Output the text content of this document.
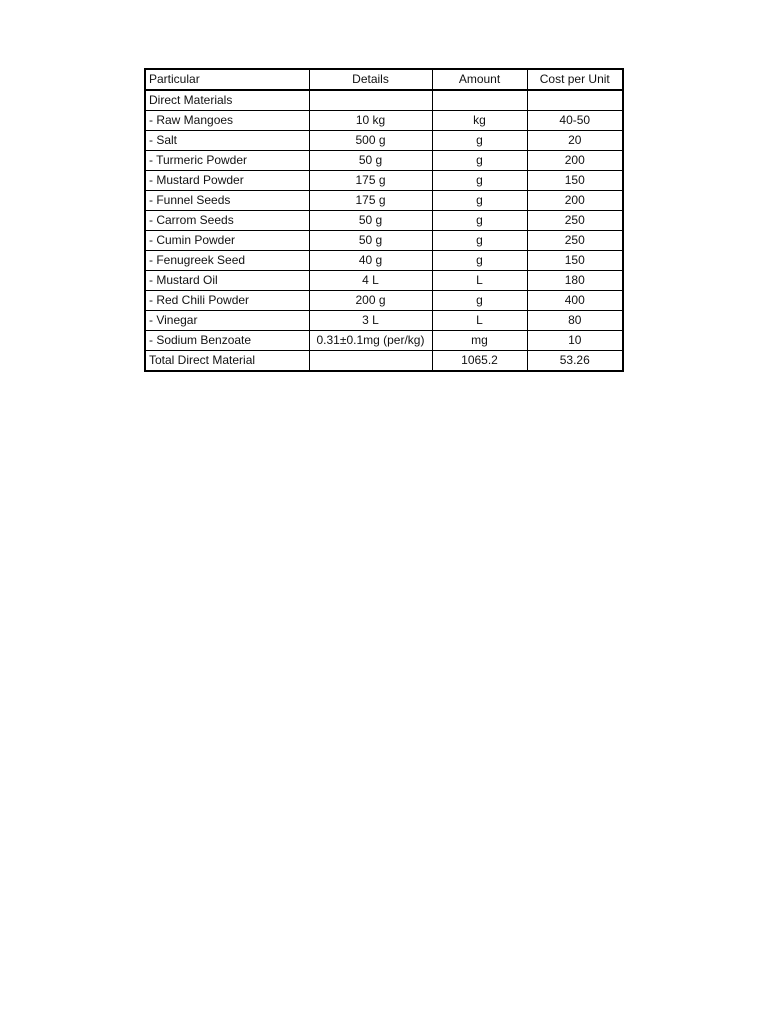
Particular	Details	Amount	Cost per Unit
Direct Materials			
- Raw Mangoes	10 kg	kg	40-50
- Salt	500 g	g	20
- Turmeric Powder	50 g	g	200
- Mustard Powder	175 g	g	150
- Funnel Seeds	175 g	g	200
- Carrom Seeds	50 g	g	250
- Cumin Powder	50 g	g	250
- Fenugreek Seed	40 g	g	150
- Mustard Oil	4 L	L	180
- Red Chili Powder	200 g	g	400
- Vinegar	3 L	L	80
- Sodium Benzoate	0.31±0.1mg (per/kg)	mg	10
Total Direct Material		1065.2	53.26
